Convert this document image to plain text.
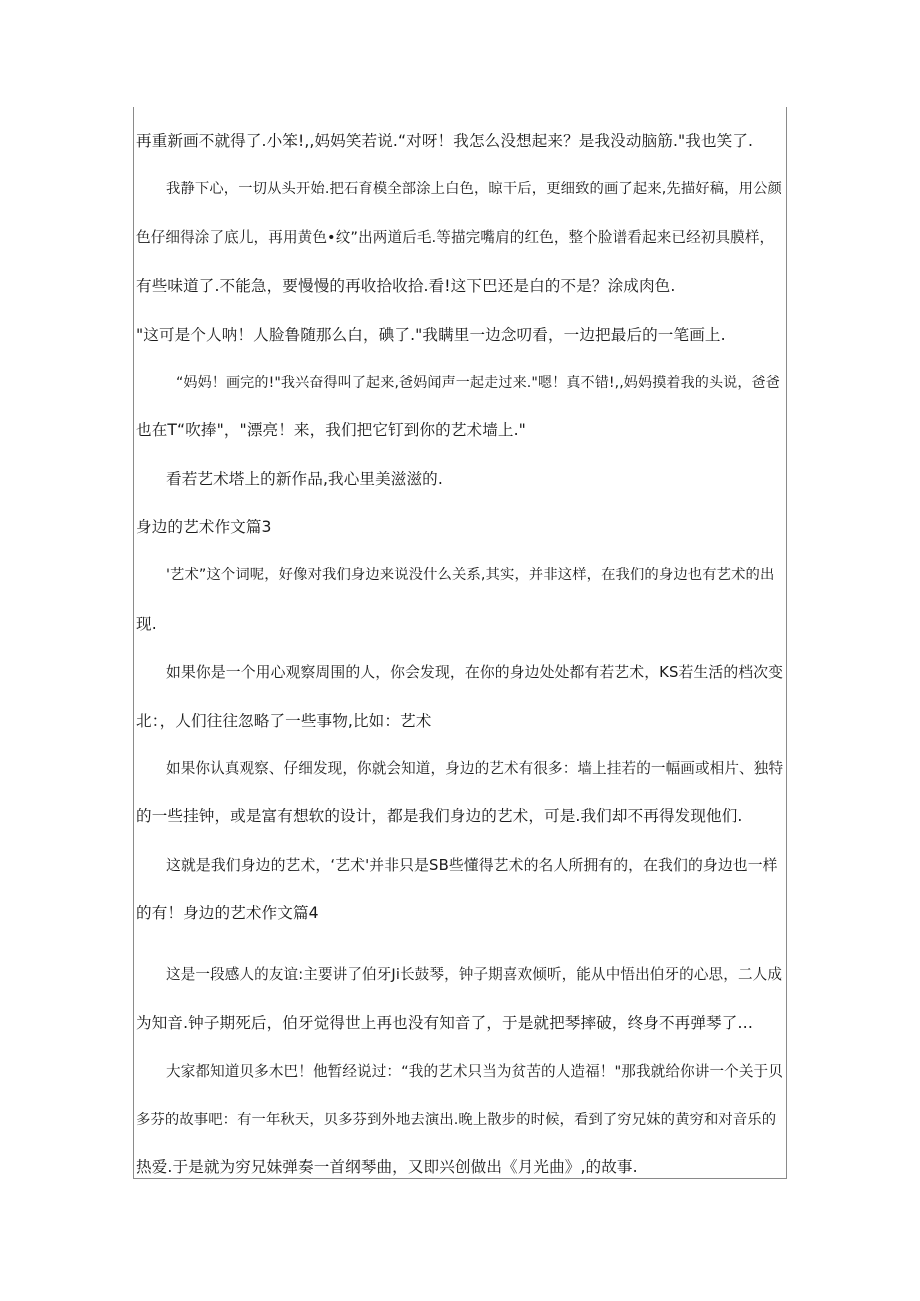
再重新画不就得了.小笨!,,妈妈笑若说.“对呀！我怎么没想起来？是我没动脑筋."我也笑了.
我静下心，一切从头开始.把石育模全部涂上白色，晾干后，更细致的画了起来,先描好稿，用公颜
色仔细得涂了底儿，再用黄色•纹”出两道后毛.等描完嘴肩的红色，整个脸谱看起来已经初具膜样，
有些味道了.不能急，要慢慢的再收拾收拾.看!这下巴还是白的不是？涂成肉色.
"这可是个人呐！人脸鲁随那么白，碘了."我瞒里一边念叨看，一边把最后的一笔画上.
“妈妈！画完的!"我兴奋得叫了起来,爸妈闻声一起走过来."嗯！真不错!,,妈妈摸着我的头说，爸爸
也在T“吹捧"，"漂亮！来，我们把它钉到你的艺术墙上."
看若艺术塔上的新作品,我心里美滋滋的.
身边的艺术作文篇3
'艺术”这个词呢，好像对我们身边来说没什么关系,其实，并非这样，在我们的身边也有艺术的出
现.
如果你是一个用心观察周围的人，你会发现，在你的身边处处都有若艺术，KS若生活的档次变
北：，人们往往忽略了一些事物,比如：艺术
如果你认真观察、仔细发现，你就会知道，身边的艺术有很多：墙上挂若的一幅画或相片、独特
的一些挂钟，或是富有想软的设计，都是我们身边的艺术，可是.我们却不再得发现他们.
这就是我们身边的艺术，‘艺术'并非只是SB些懂得艺术的名人所拥有的，在我们的身边也一样
的有！身边的艺术作文篇4
这是一段感人的友谊:主要讲了伯牙Ji长鼓琴，钟子期喜欢倾听，能从中悟出伯牙的心思，二人成
为知音.钟子期死后，伯牙觉得世上再也没有知音了，于是就把琴摔破，终身不再弹琴了…
大家都知道贝多木巴！他暂经说过：“我的艺术只当为贫苦的人造福！"那我就给你讲一个关于贝
多芬的故事吧：有一年秋天，贝多芬到外地去演出.晚上散步的时候，看到了穷兄妹的黄穷和对音乐的
热爱.于是就为穷兄妹弹奏一首纲琴曲，又即兴创做出《月光曲》,的故事.
